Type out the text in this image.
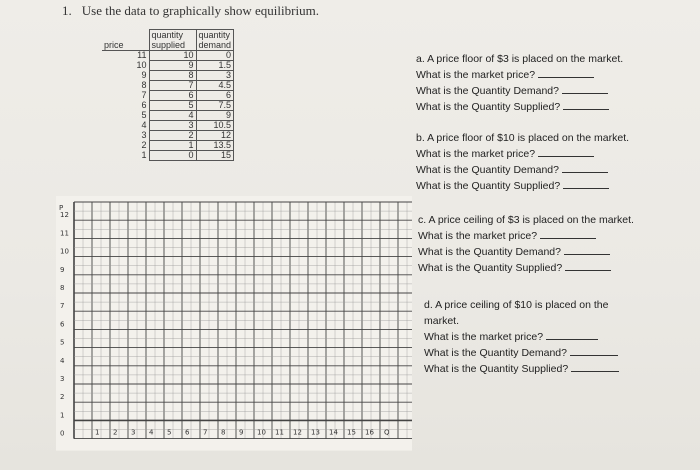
1. Use the data to graphically show equilibrium.
price	quantity supplied	quantity demand
11	10	0
10	9	1.5
9	8	3
8	7	4.5
7	6	6
6	5	7.5
5	4	9
4	3	10.5
3	2	12
2	1	13.5
1	0	15
a. A price floor of $3 is placed on the market.
What is the market price?
What is the Quantity Demand?
What is the Quantity Supplied?
b. A price floor of $10 is placed on the market.
What is the market price?
What is the Quantity Demand?
What is the Quantity Supplied?
c. A price ceiling of $3 is placed on the market.
What is the market price?
What is the Quantity Demand?
What is the Quantity Supplied?
d. A price ceiling of $10 is placed on the
market.
What is the market price?
What is the Quantity Demand?
What is the Quantity Supplied?
P
12
11
10
9
8
7
6
5
4
3
2
1
0	1 2 3 4 5 6 7 8 9 10 11 12 13 14 15 16 Q
